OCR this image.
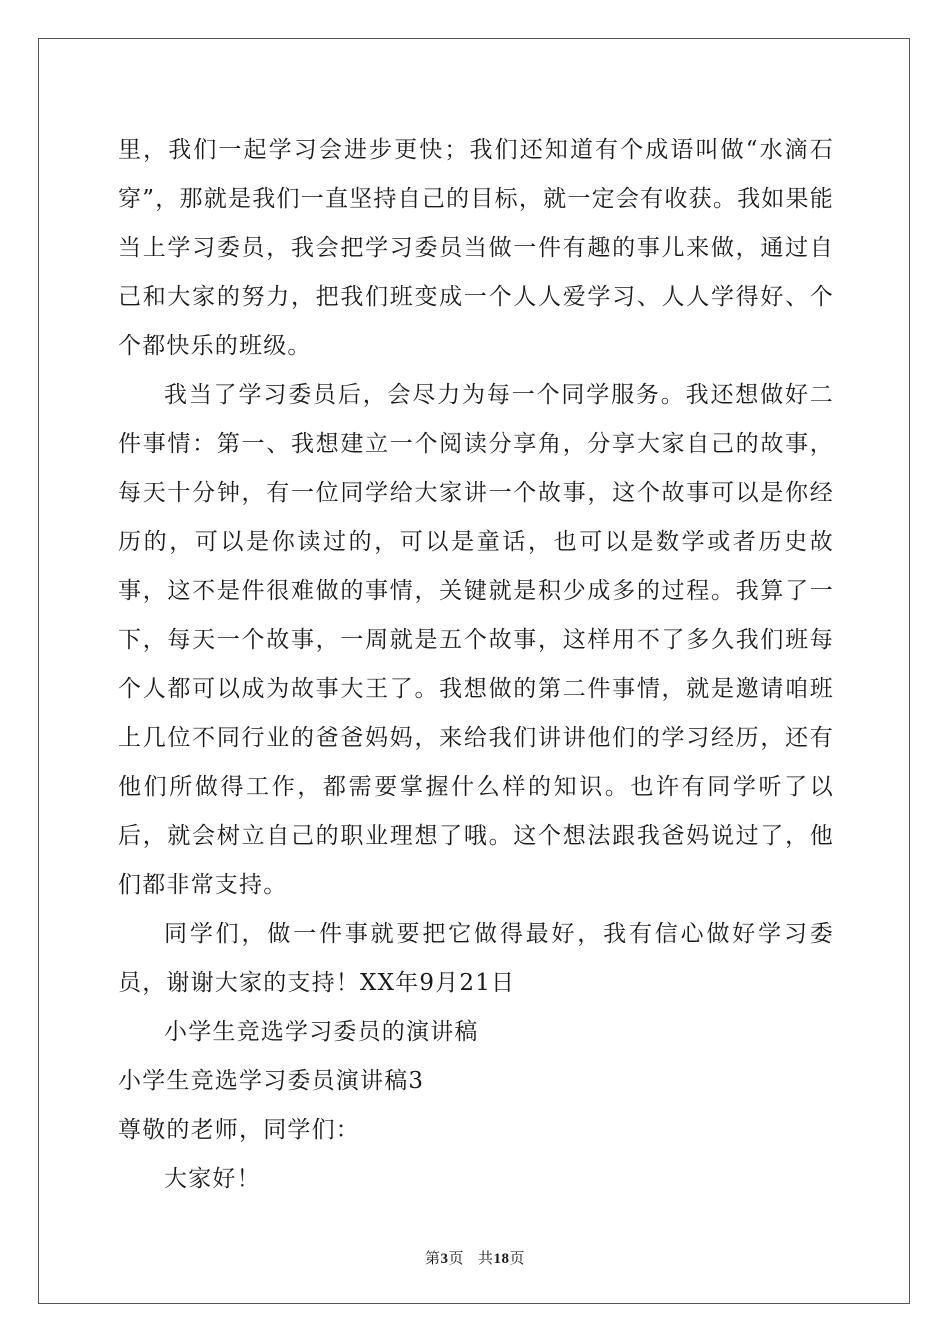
里，我们一起学习会进步更快；我们还知道有个成语叫做“水滴石穿”，那就是我们一直坚持自己的目标，就一定会有收获。我如果能当上学习委员，我会把学习委员当做一件有趣的事儿来做，通过自己和大家的努力，把我们班变成一个人人爱学习、人人学得好、个个都快乐的班级。

我当了学习委员后，会尽力为每一个同学服务。我还想做好二件事情：第一、我想建立一个阅读分享角，分享大家自己的故事，每天十分钟，有一位同学给大家讲一个故事，这个故事可以是你经历的，可以是你读过的，可以是童话，也可以是数学或者历史故事，这不是件很难做的事情，关键就是积少成多的过程。我算了一下，每天一个故事，一周就是五个故事，这样用不了多久我们班每个人都可以成为故事大王了。我想做的第二件事情，就是邀请咱班上几位不同行业的爸爸妈妈，来给我们讲讲他们的学习经历，还有他们所做得工作，都需要掌握什么样的知识。也许有同学听了以后，就会树立自己的职业理想了哦。这个想法跟我爸妈说过了，他们都非常支持。

同学们，做一件事就要把它做得最好，我有信心做好学习委员，谢谢大家的支持！XX年9月21日

小学生竞选学习委员的演讲稿

小学生竞选学习委员演讲稿3

尊敬的老师，同学们：

大家好！

第3页 共18页
